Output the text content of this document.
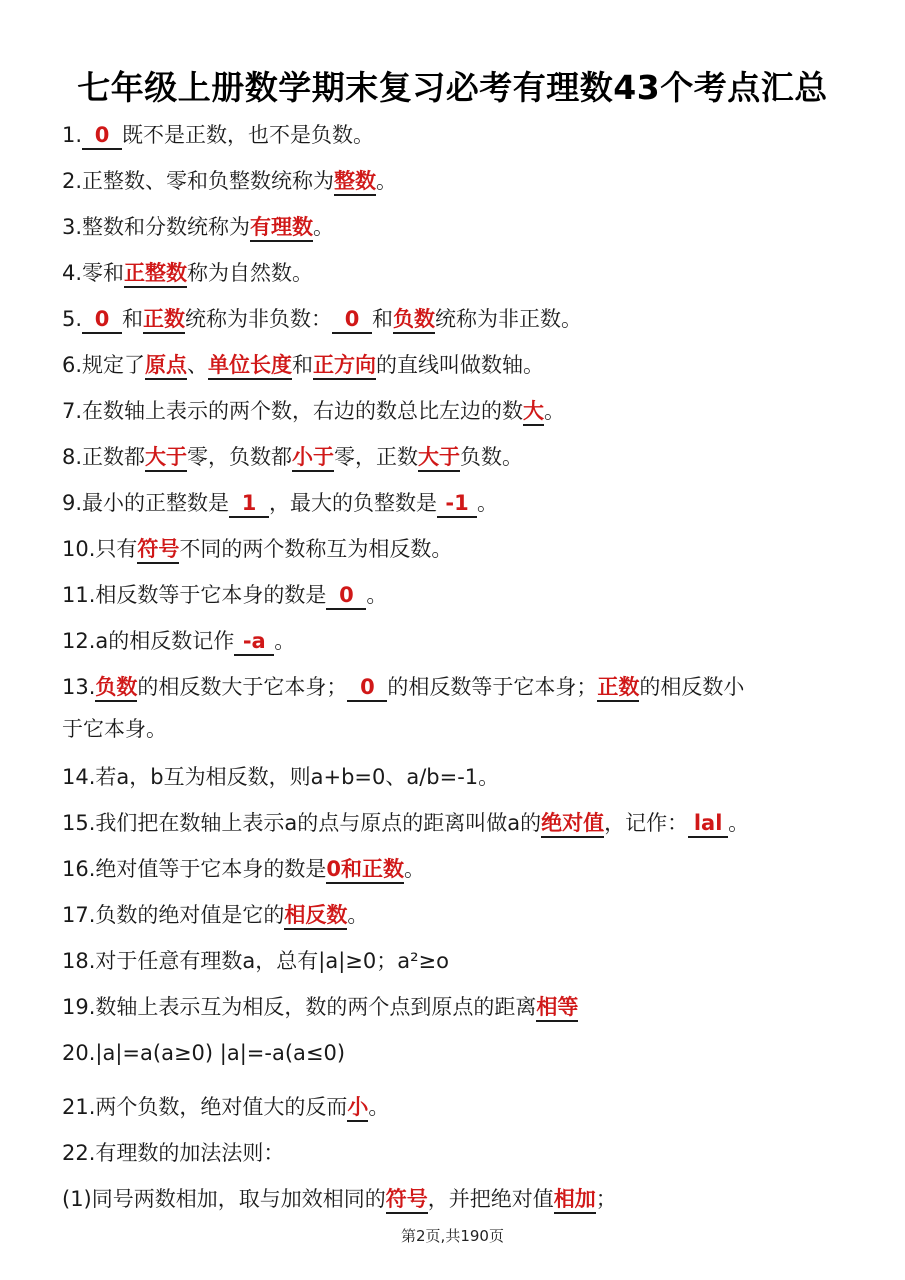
七年级上册数学期末复习必考有理数43个考点汇总
1. 0 既不是正数，也不是负数。
2.正整数、零和负整数统称为整数。
3.整数和分数统称为有理数。
4.零和正整数称为自然数。
5. 0 和正数统称为非负数： 0 和负数统称为非正数。
6.规定了原点、单位长度和正方向的直线叫做数轴。
7.在数轴上表示的两个数，右边的数总比左边的数大。
8.正数都大于零，负数都小于零，正数大于负数。
9.最小的正整数是 1 ，最大的负整数是 -1 。
10.只有符号不同的两个数称互为相反数。
11.相反数等于它本身的数是 0 。
12.a的相反数记作 -a 。
13.负数的相反数大于它本身； 0 的相反数等于它本身；正数的相反数小
于它本身。
14.若a，b互为相反数，则a+b=0、a/b=-1。
15.我们把在数轴上表示a的点与原点的距离叫做a的绝对值，记作： lal 。
16.绝对值等于它本身的数是0和正数。
17.负数的绝对值是它的相反数。
18.对于任意有理数a，总有|a|≥0；a²≥o
19.数轴上表示互为相反，数的两个点到原点的距离相等
20.|a|=a(a≥0) |a|=-a(a≤0)
21.两个负数，绝对值大的反而小。
22.有理数的加法法则：
(1)同号两数相加，取与加效相同的符号，并把绝对值相加；
第2页,共190页
